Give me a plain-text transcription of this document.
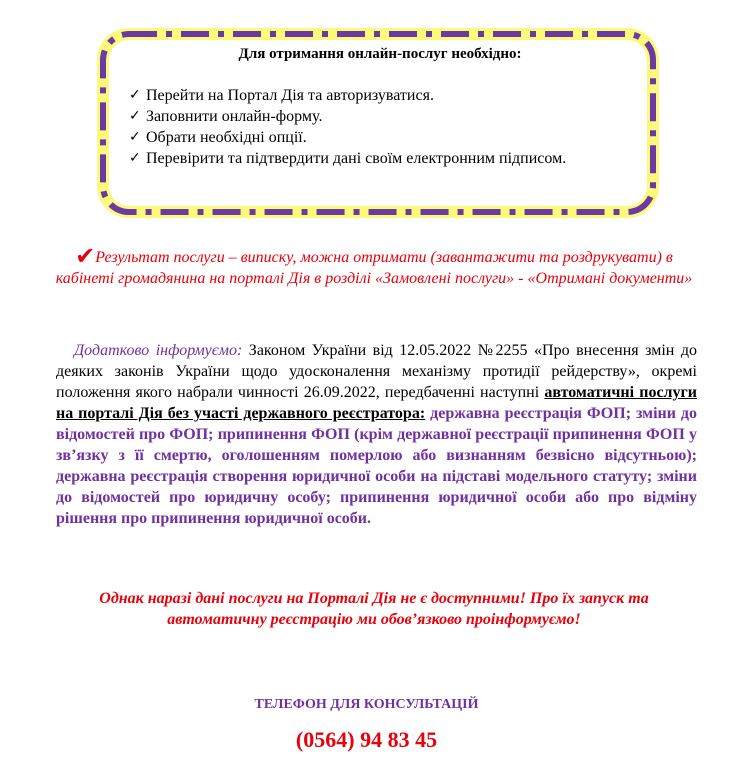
Для отримання онлайн-послуг необхідно:
✓ Перейти на Портал Дія та авторизуватися.
✓ Заповнити онлайн-форму.
✓ Обрати необхідні опції.
✓ Перевірити та підтвердити дані своїм електронним підписом.
✔Результат послуги – виписку, можна отримати (завантажити та роздрукувати) в кабінеті громадянина на порталі Дія в розділі «Замовлені послуги» - «Отримані документи»
Додатково інформуємо: Законом України від 12.05.2022 №2255 «Про внесення змін до деяких законів України щодо удосконалення механізму протидії рейдерству», окремі положення якого набрали чинності 26.09.2022, передбаченні наступні автоматичні послуги на порталі Дія без участі державного реєстратора: державна реєстрація ФОП; зміни до відомостей про ФОП; припинення ФОП (крім державної реєстрації припинення ФОП у зв’язку з її смертю, оголошенням померлою або визнанням безвісно відсутньою); державна реєстрація створення юридичної особи на підставі модельного статуту; зміни до відомостей про юридичну особу; припинення юридичної особи або про відміну рішення про припинення юридичної особи.
Однак наразі дані послуги на Порталі Дія не є доступними! Про їх запуск та автоматичну реєстрацію ми обов’язково проінформуємо!
ТЕЛЕФОН ДЛЯ КОНСУЛЬТАЦІЙ
(0564) 94 83 45
